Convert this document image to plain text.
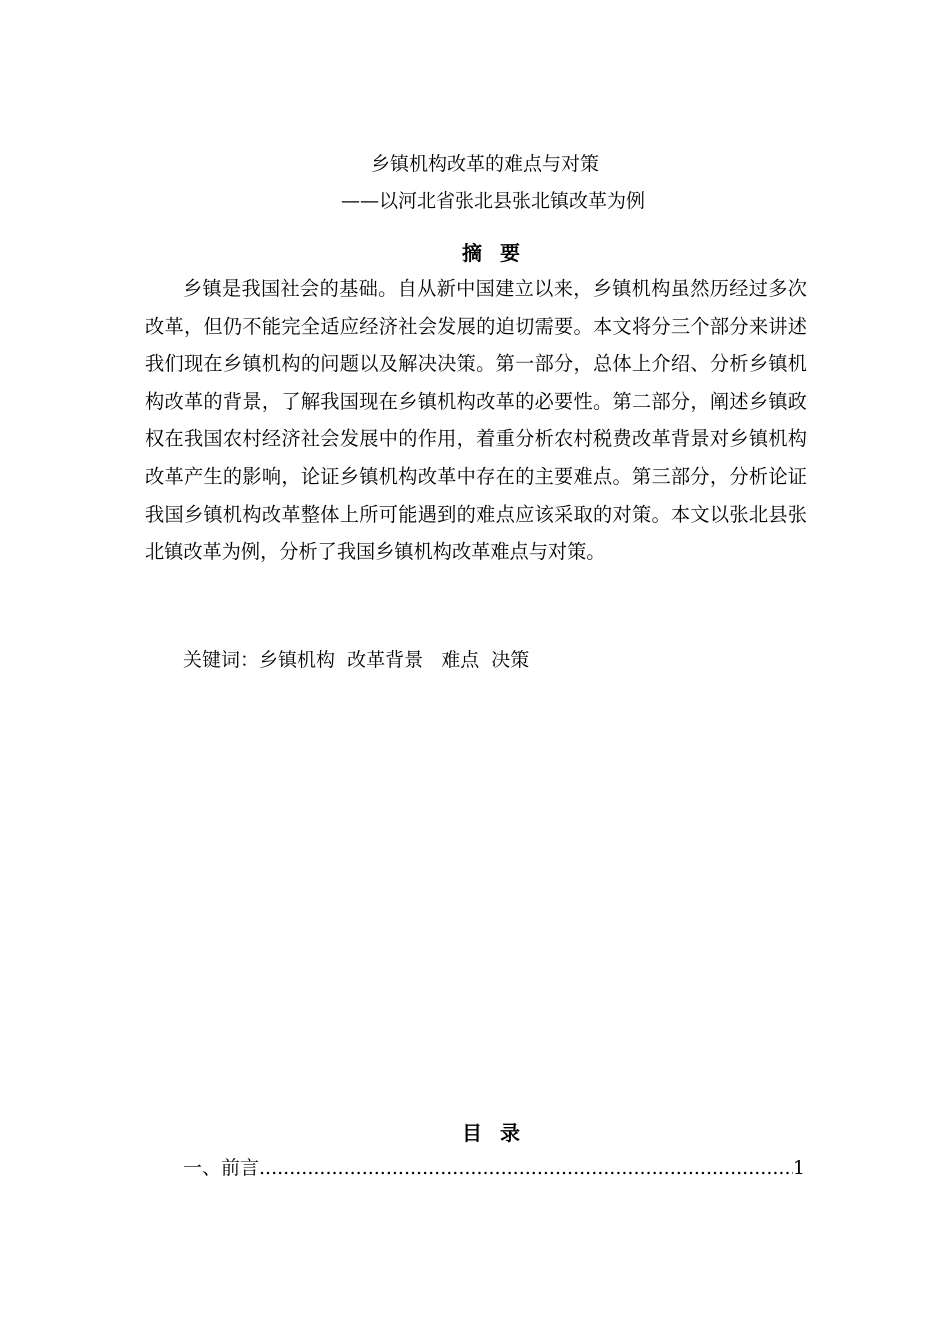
乡镇机构改革的难点与对策
——以河北省张北县张北镇改革为例
摘要

乡镇是我国社会的基础。自从新中国建立以来，乡镇机构虽然历经过多次改革，但仍不能完全适应经济社会发展的迫切需要。本文将分三个部分来讲述我们现在乡镇机构的问题以及解决决策。第一部分，总体上介绍、分析乡镇机构改革的背景，了解我国现在乡镇机构改革的必要性。第二部分，阐述乡镇政权在我国农村经济社会发展中的作用，着重分析农村税费改革背景对乡镇机构改革产生的影响，论证乡镇机构改革中存在的主要难点。第三部分，分析论证我国乡镇机构改革整体上所可能遇到的难点应该采取的对策。本文以张北县张北镇改革为例，分析了我国乡镇机构改革难点与对策。

关键词：乡镇机构  改革背景   难点  决策
目录
一、前言
.....	1
